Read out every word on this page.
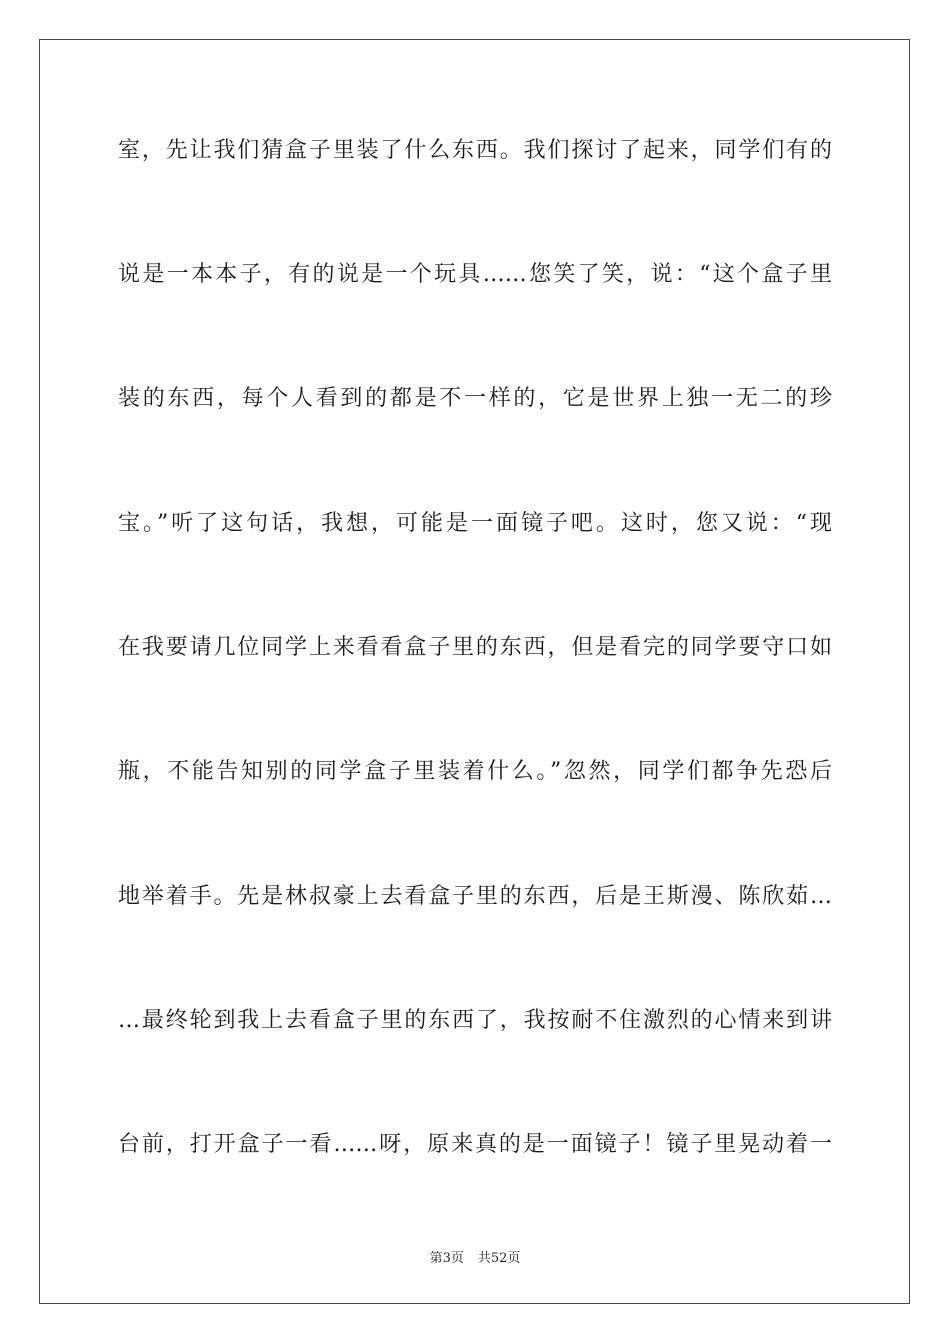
室，先让我们猜盒子里装了什么东西。我们探讨了起来，同学们有的
说是一本本子，有的说是一个玩具……您笑了笑，说：“这个盒子里
装的东西，每个人看到的都是不一样的，它是世界上独一无二的珍
宝。”听了这句话，我想，可能是一面镜子吧。这时，您又说：“现
在我要请几位同学上来看看盒子里的东西，但是看完的同学要守口如
瓶，不能告知别的同学盒子里装着什么。”忽然，同学们都争先恐后
地举着手。先是林叔豪上去看盒子里的东西，后是王斯漫、陈欣茹…
…最终轮到我上去看盒子里的东西了，我按耐不住激烈的心情来到讲
台前，打开盒子一看……呀，原来真的是一面镜子！镜子里晃动着一
第3页 共52页
